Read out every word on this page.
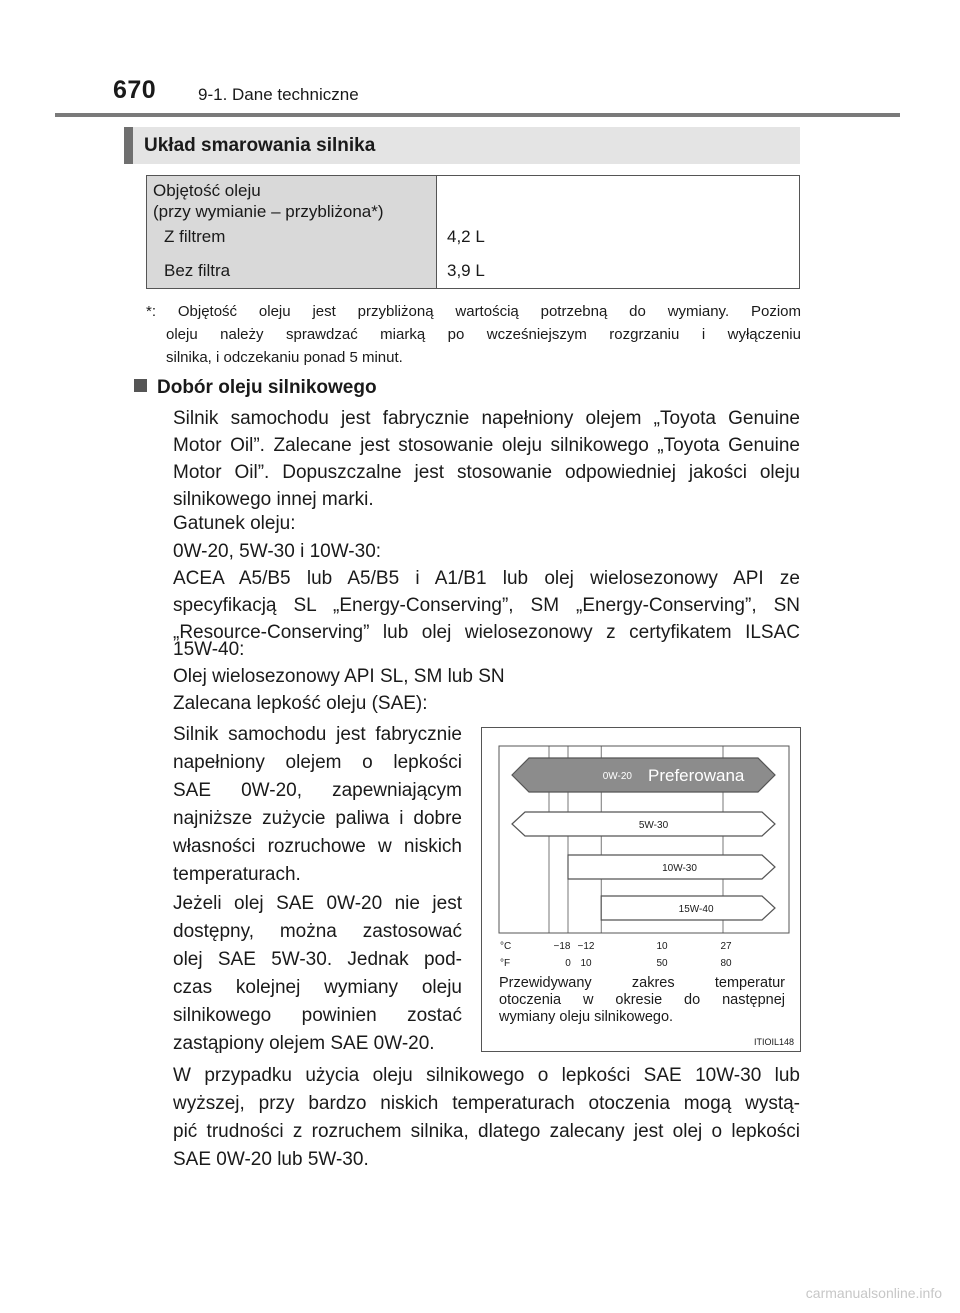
670 9-1. Dane techniczne
Układ smarowania silnika
Objętość oleju
(przy wymianie – przybliżona*)
Z filtrem	4,2 L
Bez filtra	3,9 L
*: Objętość oleju jest przybliżoną wartością potrzebną do wymiany. Poziom
oleju należy sprawdzać miarką po wcześniejszym rozgrzaniu i wyłączeniu
silnika, i odczekaniu ponad 5 minut.
Dobór oleju silnikowego
Silnik samochodu jest fabrycznie napełniony olejem „Toyota Genuine
Motor Oil”. Zalecane jest stosowanie oleju silnikowego „Toyota Genuine
Motor Oil”. Dopuszczalne jest stosowanie odpowiedniej jakości oleju
silnikowego innej marki.
Gatunek oleju:
0W-20, 5W-30 i 10W-30:
ACEA A5/B5 lub A5/B5 i A1/B1 lub olej wielosezonowy API ze
specyfikacją SL „Energy-Conserving”, SM „Energy-Conserving”, SN
„Resource-Conserving” lub olej wielosezonowy z certyfikatem ILSAC
15W-40:
Olej wielosezonowy API SL, SM lub SN
Zalecana lepkość oleju (SAE):
Silnik samochodu jest fabrycznie
napełniony olejem o lepkości
SAE 0W-20, zapewniającym
najniższe zużycie paliwa i dobre
własności rozruchowe w niskich
temperaturach.
Jeżeli olej SAE 0W-20 nie jest
dostępny, można zastosować
olej SAE 5W-30. Jednak pod-
czas kolejnej wymiany oleju
silnikowego powinien zostać
zastąpiony olejem SAE 0W-20.
0W-20 Preferowana
5W-30
10W-30
15W-40
°C
°F
−18 −12	10	27
0 10	50	80
Przewidywany zakres temperatur
otoczenia w okresie do następnej
wymiany oleju silnikowego.
ITIOIL148
W przypadku użycia oleju silnikowego o lepkości SAE 10W-30 lub
wyższej, przy bardzo niskich temperaturach otoczenia mogą wystą-
pić trudności z rozruchem silnika, dlatego zalecany jest olej o lepkości
SAE 0W-20 lub 5W-30.
carmanualsonline.info
